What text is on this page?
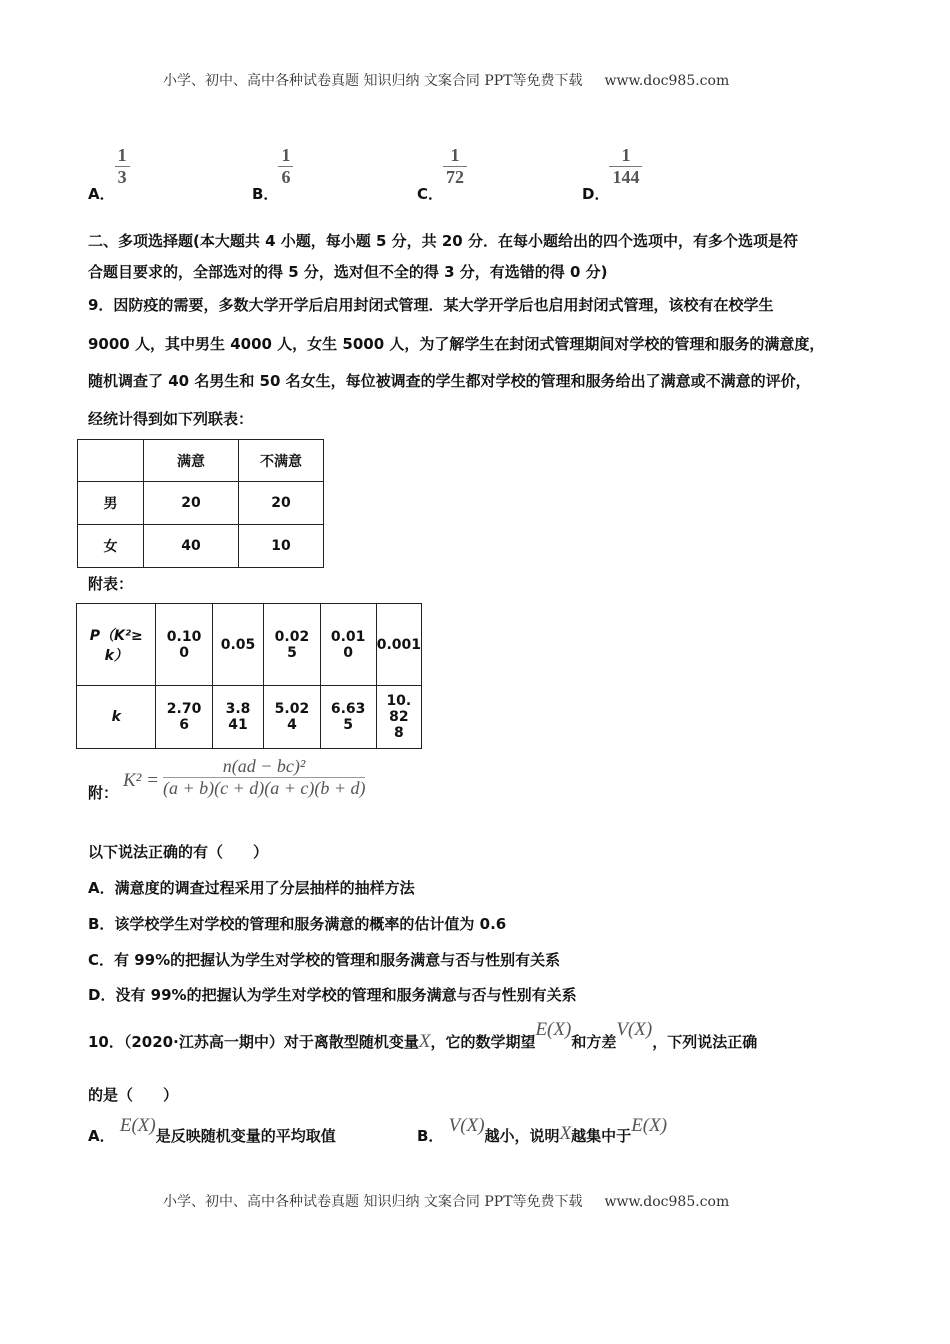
小学、初中、高中各种试卷真题 知识归纳 文案合同 PPT等免费下载 www.doc985.com
A．
$\frac{1}{3}$
B．
$\frac{1}{6}$
C．
$\frac{1}{72}$
D．
$\frac{1}{144}$
二、多项选择题(本大题共 4 小题，每小题 5 分，共 20 分．在每小题给出的四个选项中，有多个选项是符
合题目要求的，全部选对的得 5 分，选对但不全的得 3 分，有选错的得 0 分)
9．因防疫的需要，多数大学开学后启用封闭式管理．某大学开学后也启用封闭式管理，该校有在校学生
9000 人，其中男生 4000 人，女生 5000 人，为了解学生在封闭式管理期间对学校的管理和服务的满意度，
随机调查了 40 名男生和 50 名女生，每位被调查的学生都对学校的管理和服务给出了满意或不满意的评价，
经统计得到如下列联表：
	满意	不满意
男	20	20
女	40	10
附表：
P（K²≥k）	0.100	0.05	0.025	0.010	0.001
k	2.706	3.841	5.024	6.635	10.828
附：
K² =
n(ad − bc)²
(a + b)(c + d)(a + c)(b + d)
以下说法正确的有（　　）
A．满意度的调查过程采用了分层抽样的抽样方法
B．该学校学生对学校的管理和服务满意的概率的估计值为 0.6
C．有 99%的把握认为学生对学校的管理和服务满意与否与性别有关系
D．没有 99%的把握认为学生对学校的管理和服务满意与否与性别有关系
10．（2020·江苏高一期中）对于离散型随机变量X，它的数学期望E(X)和方差V(X)，下列说法正确
的是（　　）
A． E(X)是反映随机变量的平均取值	B． V(X)越小，说明X越集中于E(X)
小学、初中、高中各种试卷真题 知识归纳 文案合同 PPT等免费下载 www.doc985.com
